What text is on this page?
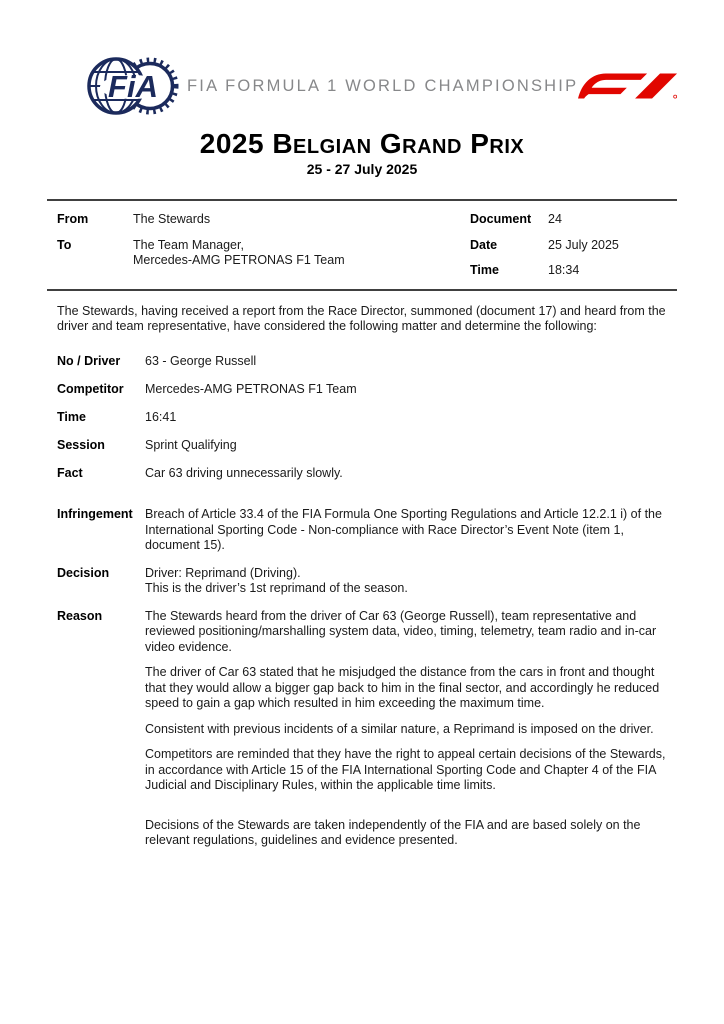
FiA FIA FORMULA 1 WORLD CHAMPIONSHIP
2025 Belgian Grand Prix
25 - 27 July 2025
From	The Stewards
To	The Team Manager,
Mercedes-AMG PETRONAS F1 Team
Document	24
Date	25 July 2025
Time	18:34

The Stewards, having received a report from the Race Director, summoned (document 17) and heard from the driver and team representative, have considered the following matter and determine the following:

No / Driver	63 - George Russell
Competitor	Mercedes-AMG PETRONAS F1 Team
Time	16:41
Session	Sprint Qualifying
Fact	Car 63 driving unnecessarily slowly.
Infringement Breach of Article 33.4 of the FIA Formula One Sporting Regulations and Article 12.2.1 i) of the International Sporting Code - Non-compliance with Race Director’s Event Note (item 1, document 15).
Decision	Driver: Reprimand (Driving).
This is the driver’s 1st reprimand of the season.
Reason	The Stewards heard from the driver of Car 63 (George Russell), team representative and reviewed positioning/marshalling system data, video, timing, telemetry, team radio and in-car video evidence.

The driver of Car 63 stated that he misjudged the distance from the cars in front and thought that they would allow a bigger gap back to him in the final sector, and accordingly he reduced speed to gain a gap which resulted in him exceeding the maximum time.

Consistent with previous incidents of a similar nature, a Reprimand is imposed on the driver.

Competitors are reminded that they have the right to appeal certain decisions of the Stewards, in accordance with Article 15 of the FIA International Sporting Code and Chapter 4 of the FIA Judicial and Disciplinary Rules, within the applicable time limits.

Decisions of the Stewards are taken independently of the FIA and are based solely on the relevant regulations, guidelines and evidence presented.
